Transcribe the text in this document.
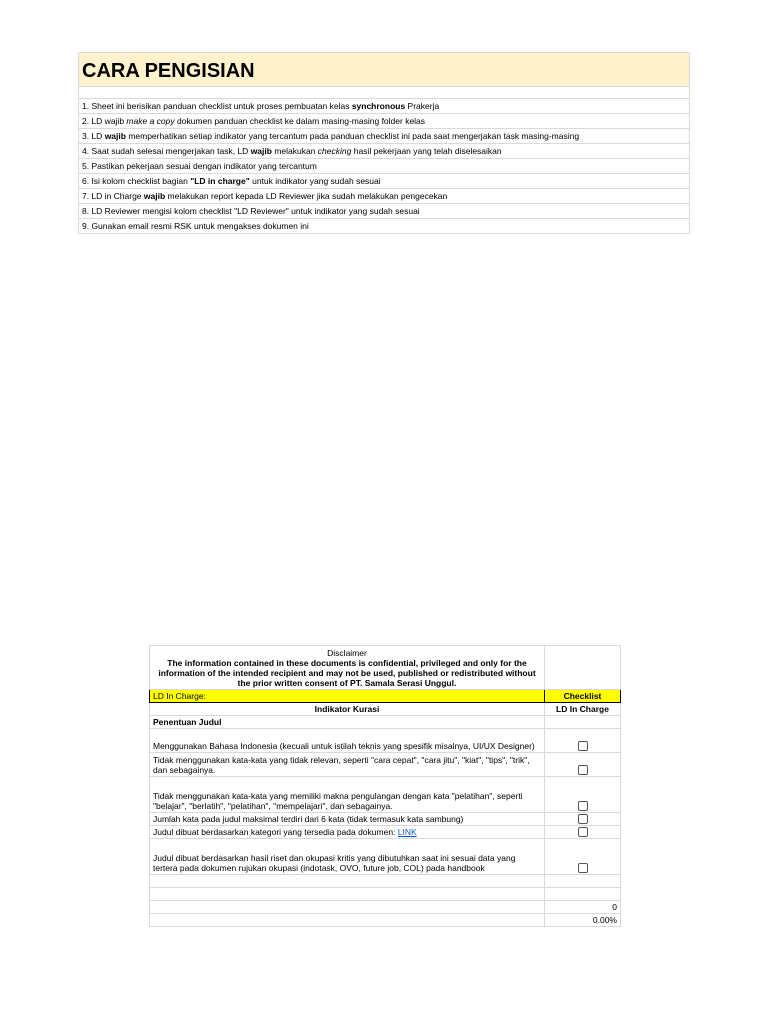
CARA PENGISIAN

1. Sheet ini berisikan panduan checklist untuk proses pembuatan kelas synchronous Prakerja
2. LD wajib make a copy dokumen panduan checklist ke dalam masing-masing folder kelas
3. LD wajib memperhatikan setiap indikator yang tercantum pada panduan checklist ini pada saat mengerjakan task masing-masing
4. Saat sudah selesai mengerjakan task, LD wajib melakukan checking hasil pekerjaan yang telah diselesaikan
5. Pastikan pekerjaan sesuai dengan indikator yang tercantum
6. Isi kolom checklist bagian "LD in charge" untuk indikator yang sudah sesuai
7. LD in Charge wajib melakukan report kepada LD Reviewer jika sudah melakukan pengecekan
8. LD Reviewer mengisi kolom checklist "LD Reviewer" untuk indikator yang sudah sesuai
9. Gunakan email resmi RSK untuk mengakses dokumen ini
Disclaimer
The information contained in these documents is confidential, privileged and only for the information of the intended recipient and may not be used, published or redistributed without the prior written consent of PT. Samala Serasi Unggul.	

LD In Charge:	Checklist
Indikator Kurasi	LD In Charge
Penentuan Judul	
Menggunakan Bahasa Indonesia (kecuali untuk istilah teknis yang spesifik misalnya, UI/UX Designer)	

Tidak menggunakan kata-kata yang tidak relevan, seperti "cara cepat", "cara jitu", "kiat", "tips", "trik", dan sebagainya.	

Tidak menggunakan kata-kata yang memiliki makna pengulangan dengan kata "pelatihan", seperti "belajar", "berlatih", "pelatihan", "mempelajari", dan sebagainya.	

Jumlah kata pada judul maksimal terdiri dari 6 kata (tidak termasuk kata sambung)	

Judul dibuat berdasarkan kategori yang tersedia pada dokumen: LINK	

Judul dibuat berdasarkan hasil riset dan okupasi kritis yang dibutuhkan saat ini sesuai data yang tertera pada dokumen rujukan okupasi (indotask, OVO, future job, COL) pada handbook	

	0
	0.00%
